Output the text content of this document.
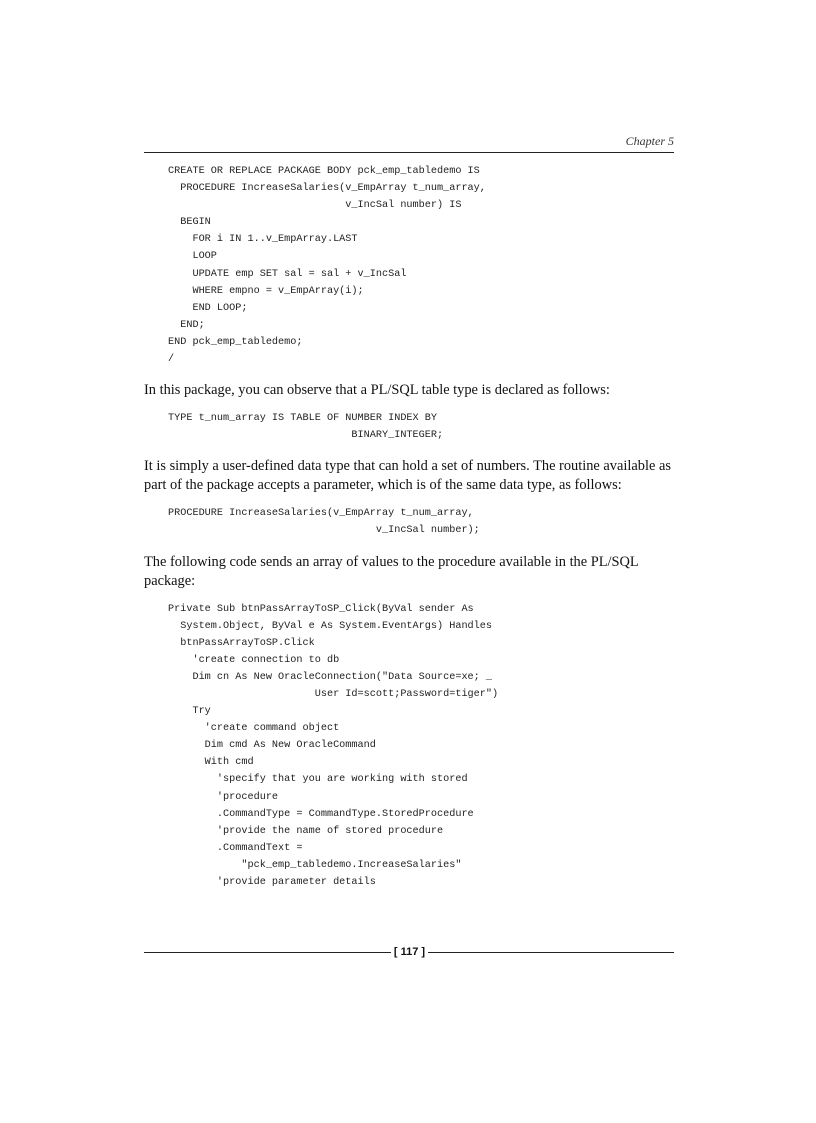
Chapter 5
CREATE OR REPLACE PACKAGE BODY pck_emp_tabledemo IS
PROCEDURE IncreaseSalaries(v_EmpArray t_num_array,
v_IncSal number) IS
BEGIN
FOR i IN 1..v_EmpArray.LAST
LOOP
UPDATE emp SET sal = sal + v_IncSal
WHERE empno = v_EmpArray(i);
END LOOP;
END;
END pck_emp_tabledemo;
/

In this package, you can observe that a PL/SQL table type is declared as follows:

TYPE t_num_array IS TABLE OF NUMBER INDEX BY
BINARY_INTEGER;

It is simply a user-defined data type that can hold a set of numbers. The routine available as part of the package accepts a parameter, which is of the same data type, as follows:

PROCEDURE IncreaseSalaries(v_EmpArray t_num_array,
v_IncSal number);

The following code sends an array of values to the procedure available in the PL/SQL package:

Private Sub btnPassArrayToSP_Click(ByVal sender As
System.Object, ByVal e As System.EventArgs) Handles
btnPassArrayToSP.Click
'create connection to db
Dim cn As New OracleConnection("Data Source=xe; _
User Id=scott;Password=tiger")
Try
'create command object
Dim cmd As New OracleCommand
With cmd
'specify that you are working with stored
'procedure
.CommandType = CommandType.StoredProcedure
'provide the name of stored procedure
.CommandText =
"pck_emp_tabledemo.IncreaseSalaries"
'provide parameter details
[ 117 ]
